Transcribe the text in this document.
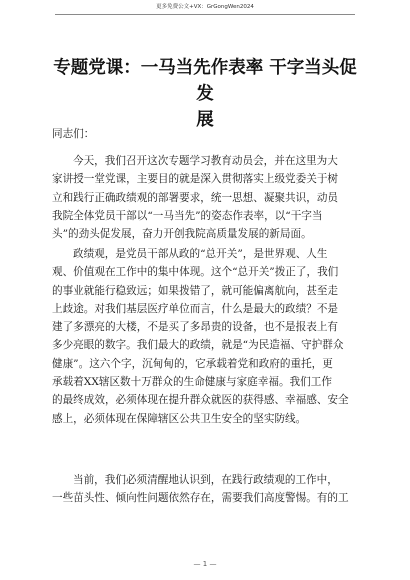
更多免费公文+VX：GrGongWen2024
专题党课：一马当先作表率 干字当头促发
展
同志们：
今天，我们召开这次专题学习教育动员会，并在这里为大
家讲授一堂党课，主要目的就是深入贯彻落实上级党委关于树
立和践行正确政绩观的部署要求，统一思想、凝聚共识，动员
我院全体党员干部以“一马当先”的姿态作表率，以“干字当
头”的劲头促发展，奋力开创我院高质量发展的新局面。
政绩观，是党员干部从政的“总开关”，是世界观、人生
观、价值观在工作中的集中体现。这个“总开关”拨正了，我们
的事业就能行稳致远；如果拨错了，就可能偏离航向，甚至走
上歧途。对我们基层医疗单位而言，什么是最大的政绩？不是
建了多漂亮的大楼，不是买了多昂贵的设备，也不是报表上有
多少亮眼的数字。我们最大的政绩，就是“为民造福、守护群众
健康”。这六个字，沉甸甸的，它承载着党和政府的重托，更
承载着XX辖区数十万群众的生命健康与家庭幸福。我们工作
的最终成效，必须体现在提升群众就医的获得感、幸福感、安全
感上，必须体现在保障辖区公共卫生安全的坚实防线。
当前，我们必须清醒地认识到，在践行政绩观的工作中，
一些苗头性、倾向性问题依然存在，需要我们高度警惕。有的工
— 1 —
